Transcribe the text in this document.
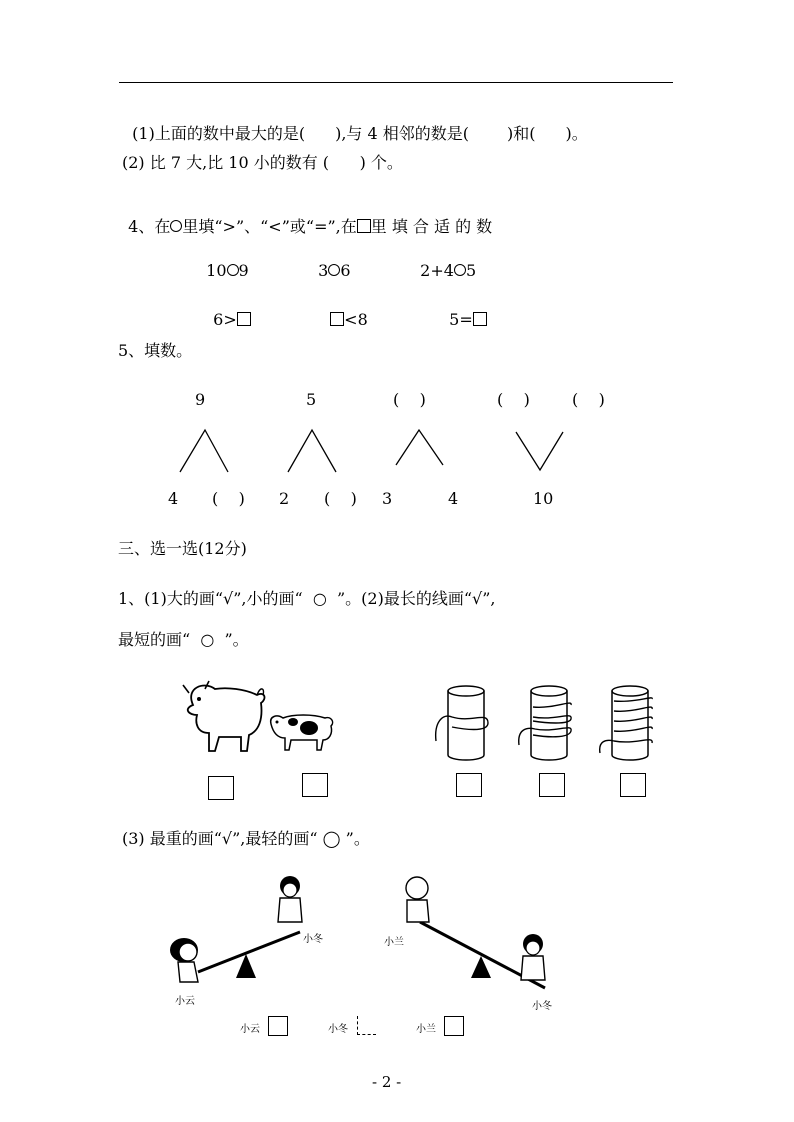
(1)上面的数中最大的是( ),与 4 相邻的数是( )和( )。

(2) 比 7 大,比 10 小的数有 (      ) 个。

4、在 里填“>”、“<”或“=”,在 里 填 合 适 的 数

10 9	3 6	2+4 5

6>	<8	5=

5、填数。
9	5	(    )	(    )	(    )
4 (    ) 2 (    ) 3	4	10
三、选一选(12分)
1、(1)大的画“√”,小的画“  ○  ”。(2)最长的线画“√”,
最短的画“  ○  ”。
(3) 最重的画“√”,最轻的画“ ◯ ”。
小云
小冬	小兰
小冬
小云	小冬	小兰
- 2 -
